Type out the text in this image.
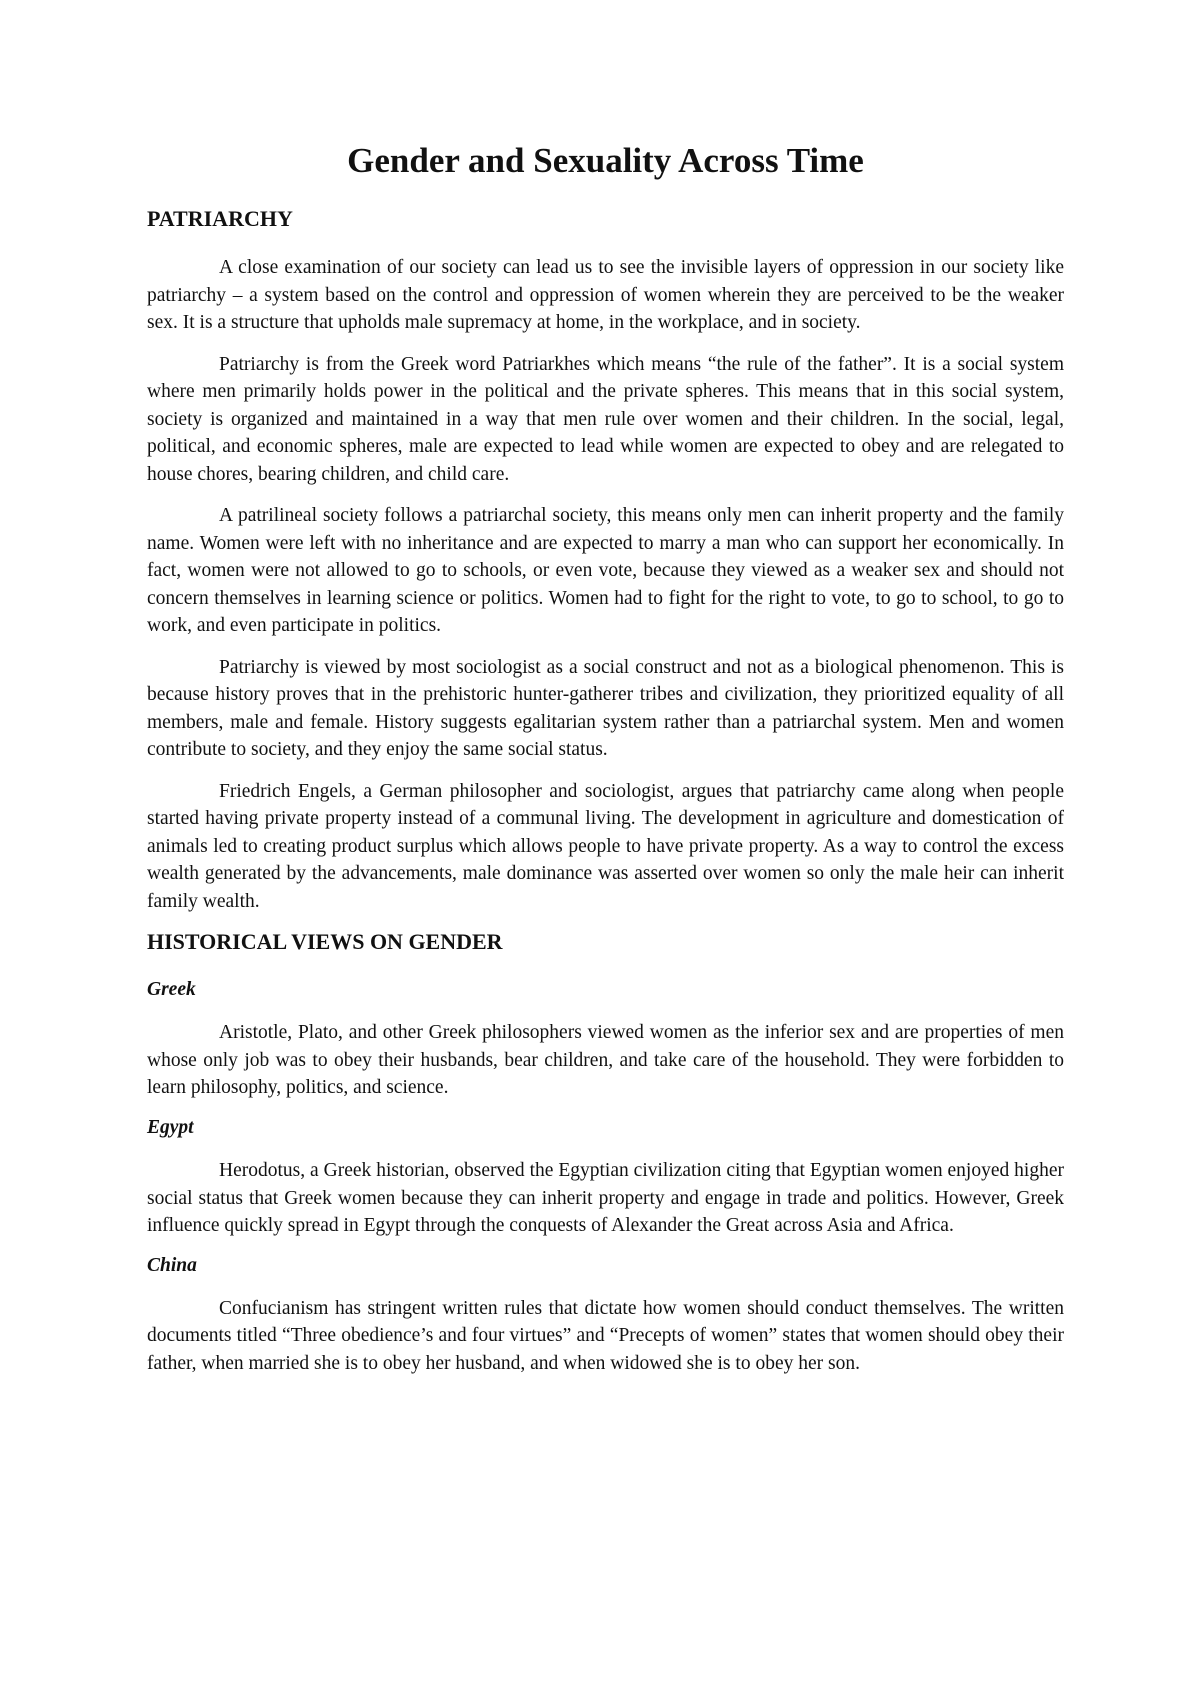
Gender and Sexuality Across Time
PATRIARCHY

A close examination of our society can lead us to see the invisible layers of oppression in our society like patriarchy – a system based on the control and oppression of women wherein they are perceived to be the weaker sex. It is a structure that upholds male supremacy at home, in the workplace, and in society.

Patriarchy is from the Greek word Patriarkhes which means “the rule of the father”. It is a social system where men primarily holds power in the political and the private spheres. This means that in this social system, society is organized and maintained in a way that men rule over women and their children. In the social, legal, political, and economic spheres, male are expected to lead while women are expected to obey and are relegated to house chores, bearing children, and child care.

A patrilineal society follows a patriarchal society, this means only men can inherit property and the family name. Women were left with no inheritance and are expected to marry a man who can support her economically. In fact, women were not allowed to go to schools, or even vote, because they viewed as a weaker sex and should not concern themselves in learning science or politics. Women had to fight for the right to vote, to go to school, to go to work, and even participate in politics.

Patriarchy is viewed by most sociologist as a social construct and not as a biological phenomenon. This is because history proves that in the prehistoric hunter-gatherer tribes and civilization, they prioritized equality of all members, male and female. History suggests egalitarian system rather than a patriarchal system. Men and women contribute to society, and they enjoy the same social status.

Friedrich Engels, a German philosopher and sociologist, argues that patriarchy came along when people started having private property instead of a communal living. The development in agriculture and domestication of animals led to creating product surplus which allows people to have private property. As a way to control the excess wealth generated by the advancements, male dominance was asserted over women so only the male heir can inherit family wealth.

HISTORICAL VIEWS ON GENDER
Greek

Aristotle, Plato, and other Greek philosophers viewed women as the inferior sex and are properties of men whose only job was to obey their husbands, bear children, and take care of the household. They were forbidden to learn philosophy, politics, and science.

Egypt

Herodotus, a Greek historian, observed the Egyptian civilization citing that Egyptian women enjoyed higher social status that Greek women because they can inherit property and engage in trade and politics. However, Greek influence quickly spread in Egypt through the conquests of Alexander the Great across Asia and Africa.

China

Confucianism has stringent written rules that dictate how women should conduct themselves. The written documents titled “Three obedience’s and four virtues” and “Precepts of women” states that women should obey their father, when married she is to obey her husband, and when widowed she is to obey her son.
